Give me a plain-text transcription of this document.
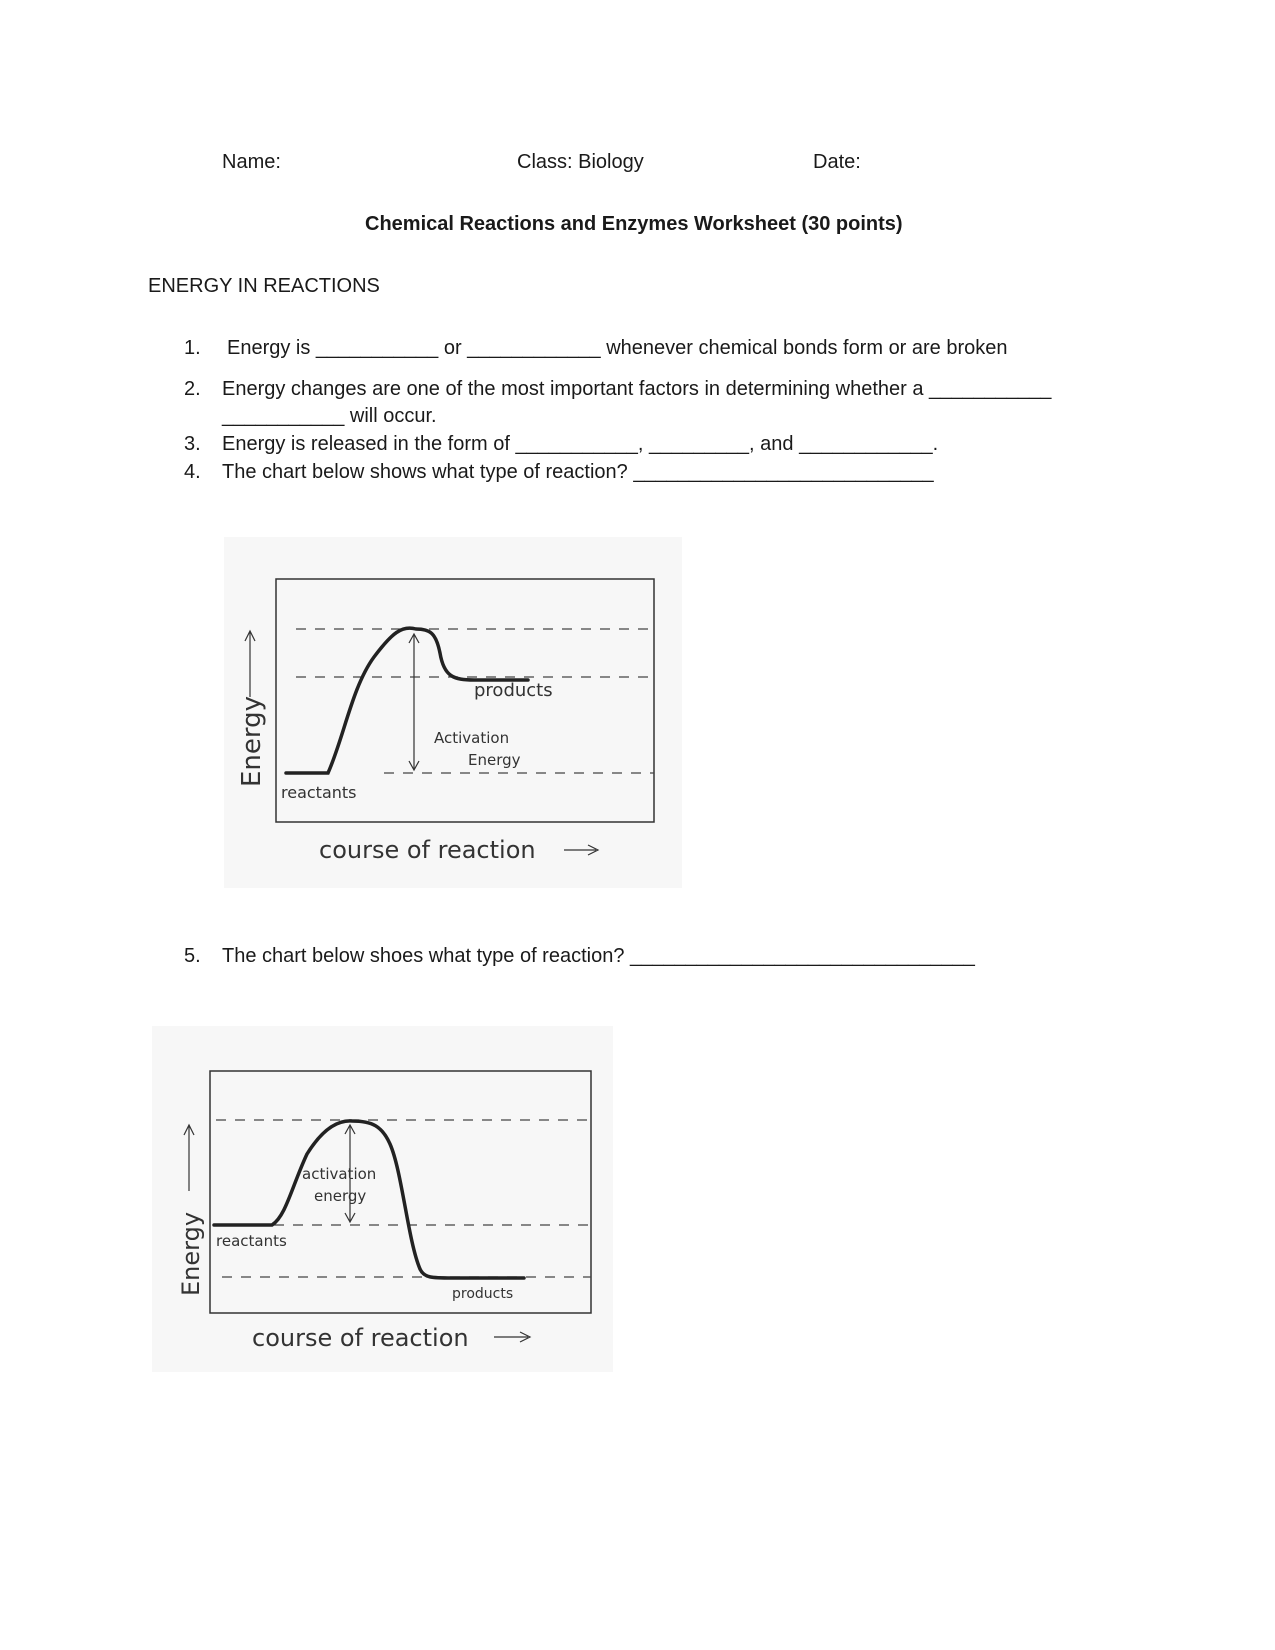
Name:	Class: Biology	Date:
Chemical Reactions and Enzymes Worksheet (30 points)
ENERGY IN REACTIONS
1. Energy is ___________ or ____________ whenever chemical bonds form or are broken
2. Energy changes are one of the most important factors in determining whether a ___________
___________ will occur.
3. Energy is released in the form of ___________, _________, and ____________.
4. The chart below shows what type of reaction? ___________________________
Energy
course of reaction
reactants
products
Activation
Energy
5. The chart below shoes what type of reaction? _______________________________
Energy
course of reaction
reactants
products
activation
energy
